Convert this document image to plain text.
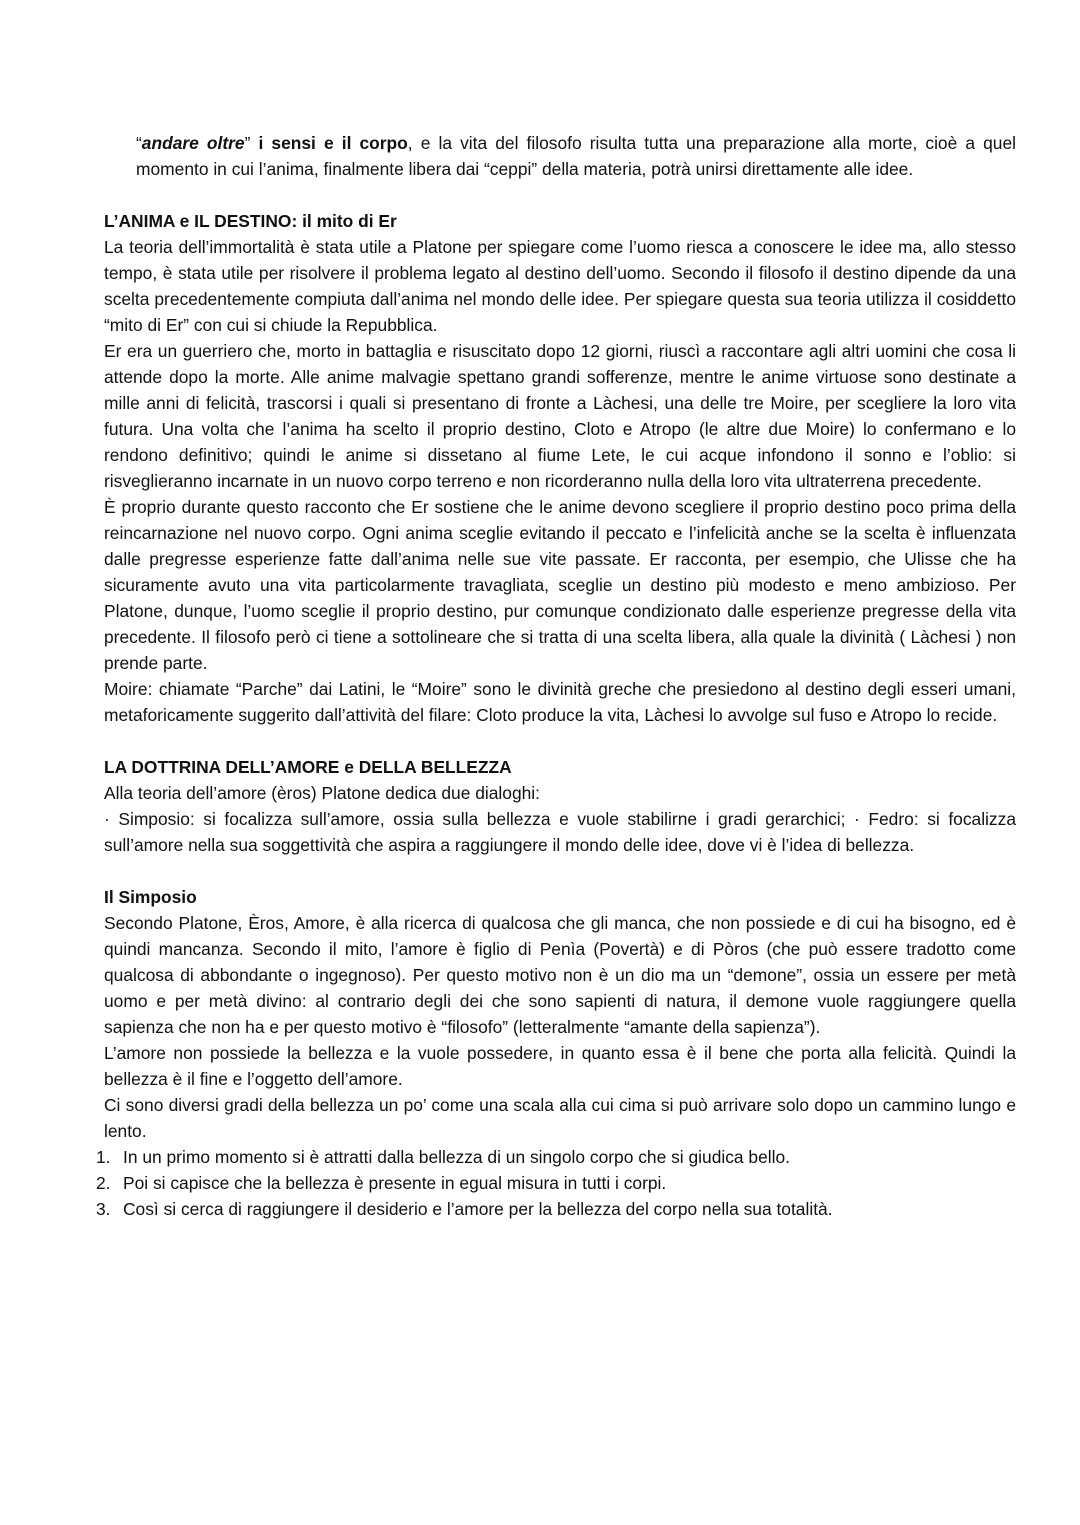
“andare oltre” i sensi e il corpo, e la vita del filosofo risulta tutta una preparazione alla morte, cioè a quel momento in cui l’anima, finalmente libera dai “ceppi” della materia, potrà unirsi direttamente alle idee.

L’ANIMA e IL DESTINO: il mito di Er

La teoria dell’immortalità è stata utile a Platone per spiegare come l’uomo riesca a conoscere le idee ma, allo stesso tempo, è stata utile per risolvere il problema legato al destino dell’uomo. Secondo il filosofo il destino dipende da una scelta precedentemente compiuta dall’anima nel mondo delle idee. Per spiegare questa sua teoria utilizza il cosiddetto “mito di Er” con cui si chiude la Repubblica.

Er era un guerriero che, morto in battaglia e risuscitato dopo 12 giorni, riuscì a raccontare agli altri uomini che cosa li attende dopo la morte. Alle anime malvagie spettano grandi sofferenze, mentre le anime virtuose sono destinate a mille anni di felicità, trascorsi i quali si presentano di fronte a Làchesi, una delle tre Moire, per scegliere la loro vita futura. Una volta che l’anima ha scelto il proprio destino, Cloto e Atropo (le altre due Moire) lo confermano e lo rendono definitivo; quindi le anime si dissetano al fiume Lete, le cui acque infondono il sonno e l’oblio: si risveglieranno incarnate in un nuovo corpo terreno e non ricorderanno nulla della loro vita ultraterrena precedente.

È proprio durante questo racconto che Er sostiene che le anime devono scegliere il proprio destino poco prima della reincarnazione nel nuovo corpo. Ogni anima sceglie evitando il peccato e l’infelicità anche se la scelta è influenzata dalle pregresse esperienze fatte dall’anima nelle sue vite passate. Er racconta, per esempio, che Ulisse che ha sicuramente avuto una vita particolarmente travagliata, sceglie un destino più modesto e meno ambizioso. Per Platone, dunque, l’uomo sceglie il proprio destino, pur comunque condizionato dalle esperienze pregresse della vita precedente. Il filosofo però ci tiene a sottolineare che si tratta di una scelta libera, alla quale la divinità ( Làchesi ) non prende parte.

Moire: chiamate “Parche” dai Latini, le “Moire” sono le divinità greche che presiedono al destino degli esseri umani, metaforicamente suggerito dall’attività del filare: Cloto produce la vita, Làchesi lo avvolge sul fuso e Atropo lo recide.

LA DOTTRINA DELL’AMORE e DELLA BELLEZZA

Alla teoria dell’amore (èros) Platone dedica due dialoghi:

· Simposio: si focalizza sull’amore, ossia sulla bellezza e vuole stabilirne i gradi gerarchici; · Fedro: si focalizza sull’amore nella sua soggettività che aspira a raggiungere il mondo delle idee, dove vi è l’idea di bellezza.

Il Simposio

Secondo Platone, Èros, Amore, è alla ricerca di qualcosa che gli manca, che non possiede e di cui ha bisogno, ed è quindi mancanza. Secondo il mito, l’amore è figlio di Penìa (Povertà) e di Pòros (che può essere tradotto come qualcosa di abbondante o ingegnoso). Per questo motivo non è un dio ma un “demone”, ossia un essere per metà uomo e per metà divino: al contrario degli dei che sono sapienti di natura, il demone vuole raggiungere quella sapienza che non ha e per questo motivo è “filosofo” (letteralmente “amante della sapienza”).

L’amore non possiede la bellezza e la vuole possedere, in quanto essa è il bene che porta alla felicità. Quindi la bellezza è il fine e l’oggetto dell’amore.

Ci sono diversi gradi della bellezza un po’ come una scala alla cui cima si può arrivare solo dopo un cammino lungo e lento.

1. In un primo momento si è attratti dalla bellezza di un singolo corpo che si giudica bello.
2. Poi si capisce che la bellezza è presente in egual misura in tutti i corpi.
3. Così si cerca di raggiungere il desiderio e l’amore per la bellezza del corpo nella sua totalità.
